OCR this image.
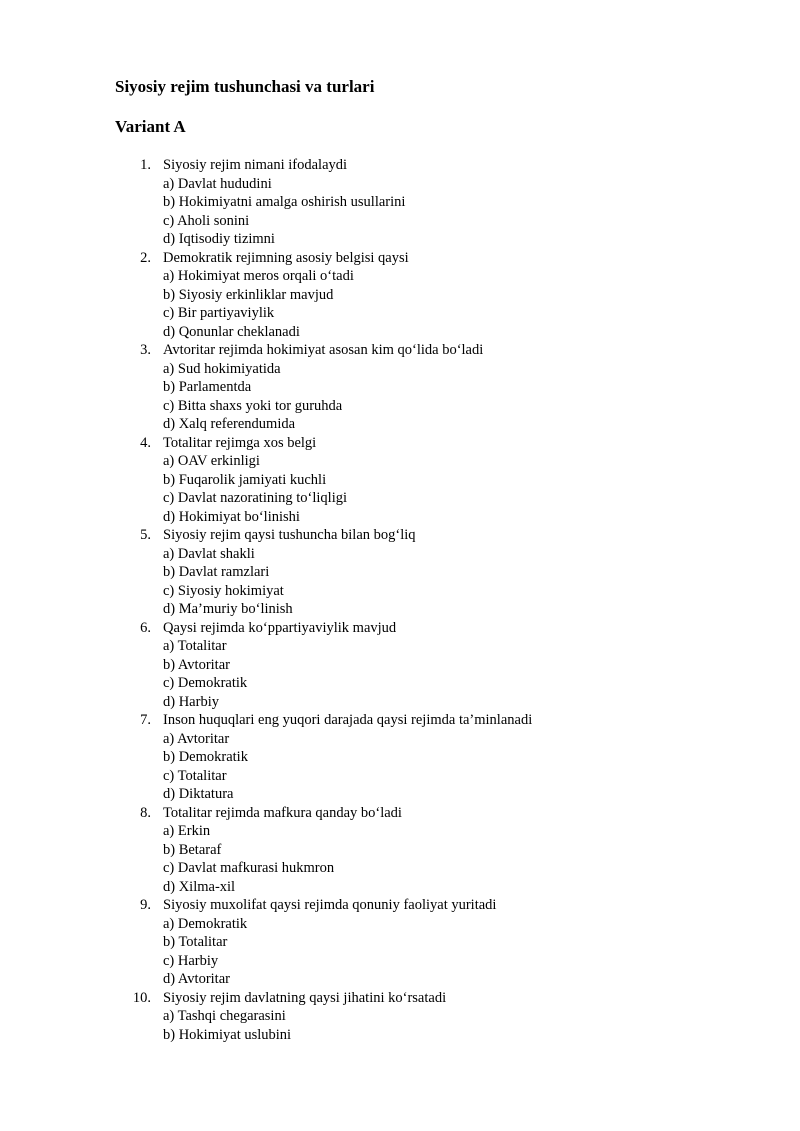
Siyosiy rejim tushunchasi va turlari
Variant A
1. Siyosiy rejim nimani ifodalaydi
a) Davlat hududini
b) Hokimiyatni amalga oshirish usullarini
c) Aholi sonini
d) Iqtisodiy tizimni
2. Demokratik rejimning asosiy belgisi qaysi
a) Hokimiyat meros orqali o‘tadi
b) Siyosiy erkinliklar mavjud
c) Bir partiyaviylik
d) Qonunlar cheklanadi
3. Avtoritar rejimda hokimiyat asosan kim qo‘lida bo‘ladi
a) Sud hokimiyatida
b) Parlamentda
c) Bitta shaxs yoki tor guruhda
d) Xalq referendumida
4. Totalitar rejimga xos belgi
a) OAV erkinligi
b) Fuqarolik jamiyati kuchli
c) Davlat nazoratining to‘liqligi
d) Hokimiyat bo‘linishi
5. Siyosiy rejim qaysi tushuncha bilan bog‘liq
a) Davlat shakli
b) Davlat ramzlari
c) Siyosiy hokimiyat
d) Ma’muriy bo‘linish
6. Qaysi rejimda ko‘ppartiyaviylik mavjud
a) Totalitar
b) Avtoritar
c) Demokratik
d) Harbiy
7. Inson huquqlari eng yuqori darajada qaysi rejimda ta’minlanadi
a) Avtoritar
b) Demokratik
c) Totalitar
d) Diktatura
8. Totalitar rejimda mafkura qanday bo‘ladi
a) Erkin
b) Betaraf
c) Davlat mafkurasi hukmron
d) Xilma-xil
9. Siyosiy muxolifat qaysi rejimda qonuniy faoliyat yuritadi
a) Demokratik
b) Totalitar
c) Harbiy
d) Avtoritar
10. Siyosiy rejim davlatning qaysi jihatini ko‘rsatadi
a) Tashqi chegarasini
b) Hokimiyat uslubini
